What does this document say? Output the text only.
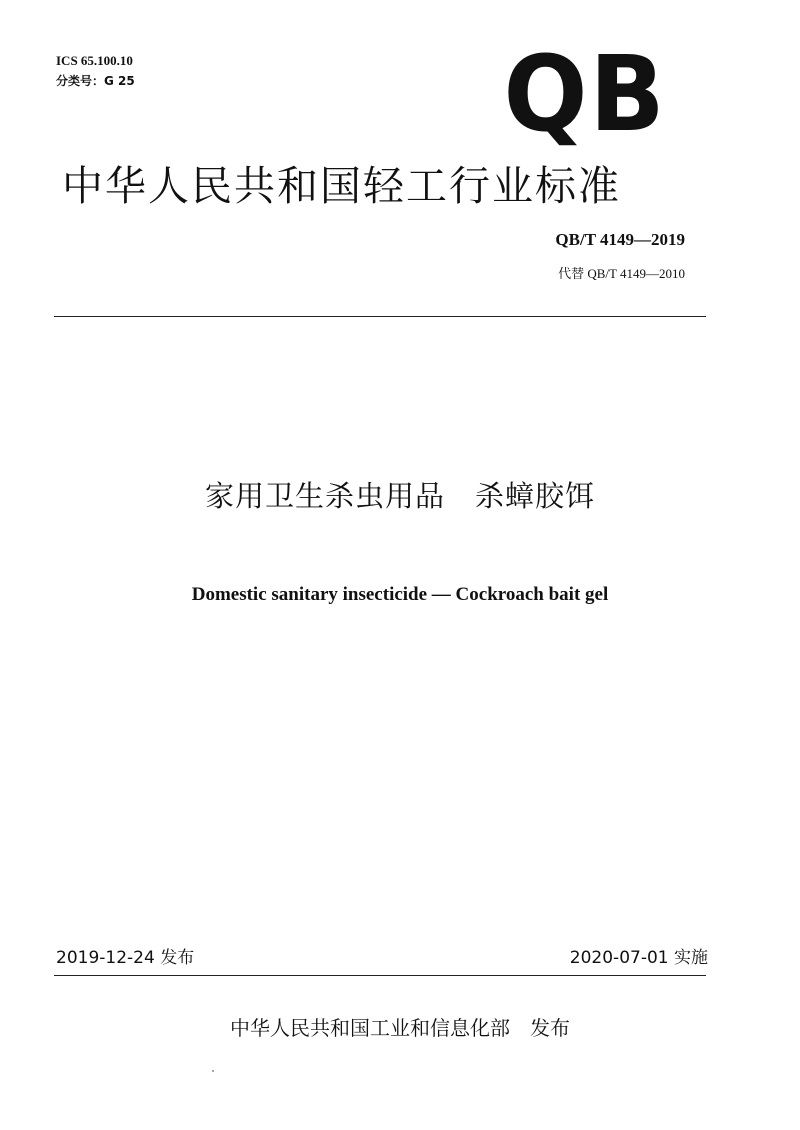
ICS 65.100.10
分类号：G 25	QB
中华人民共和国轻工行业标准
QB/T 4149—2019
代替 QB/T 4149—2010
家用卫生杀虫用品　杀蟑胶饵
Domestic sanitary insecticide — Cockroach bait gel
2019-12-24 发布	2020-07-01 实施
中华人民共和国工业和信息化部　发布
